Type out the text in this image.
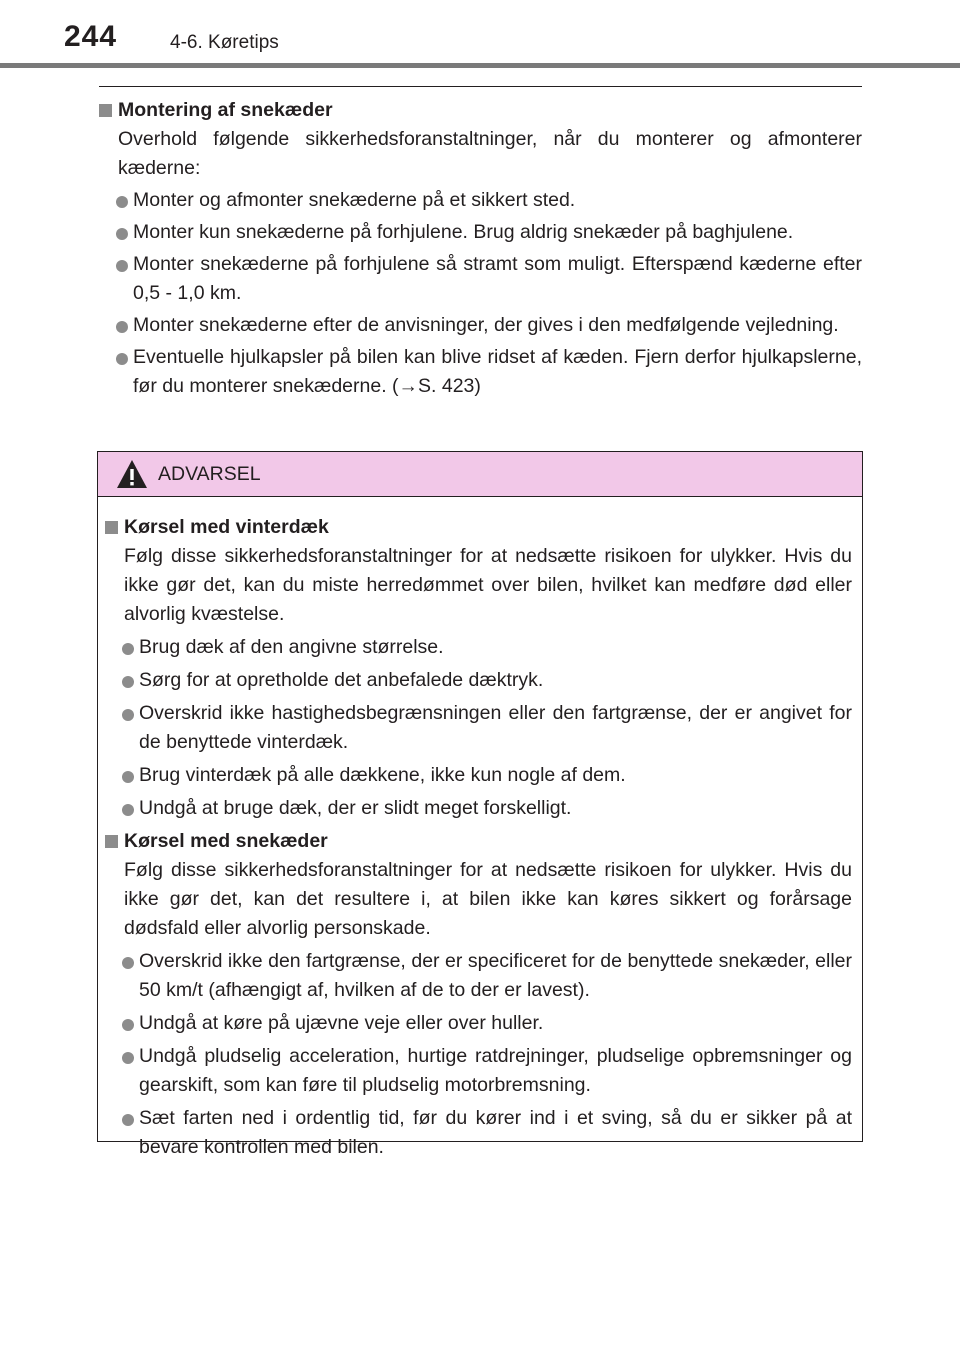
244	4-6. Køretips
Montering af snekæder
Overhold følgende sikkerhedsforanstaltninger, når du monterer og afmonterer kæderne:
Monter og afmonter snekæderne på et sikkert sted.
Monter kun snekæderne på forhjulene. Brug aldrig snekæder på baghjulene.
Monter snekæderne på forhjulene så stramt som muligt. Efterspænd kæderne efter 0,5 - 1,0 km.
Monter snekæderne efter de anvisninger, der gives i den medfølgende vejledning.
Eventuelle hjulkapsler på bilen kan blive ridset af kæden. Fjern derfor hjulkapslerne, før du monterer snekæderne. (→S. 423)
ADVARSEL
Kørsel med vinterdæk
Følg disse sikkerhedsforanstaltninger for at nedsætte risikoen for ulykker. Hvis du ikke gør det, kan du miste herredømmet over bilen, hvilket kan medføre død eller alvorlig kvæstelse.
Brug dæk af den angivne størrelse.
Sørg for at opretholde det anbefalede dæktryk.
Overskrid ikke hastighedsbegrænsningen eller den fartgrænse, der er angivet for de benyttede vinterdæk.
Brug vinterdæk på alle dækkene, ikke kun nogle af dem.
Undgå at bruge dæk, der er slidt meget forskelligt.
Kørsel med snekæder
Følg disse sikkerhedsforanstaltninger for at nedsætte risikoen for ulykker. Hvis du ikke gør det, kan det resultere i, at bilen ikke kan køres sikkert og forårsage dødsfald eller alvorlig personskade.
Overskrid ikke den fartgrænse, der er specificeret for de benyttede snekæder, eller 50 km/t (afhængigt af, hvilken af de to der er lavest).
Undgå at køre på ujævne veje eller over huller.
Undgå pludselig acceleration, hurtige ratdrejninger, pludselige opbremsninger og gearskift, som kan føre til pludselig motorbremsning.
Sæt farten ned i ordentlig tid, før du kører ind i et sving, så du er sikker på at bevare kontrollen med bilen.
